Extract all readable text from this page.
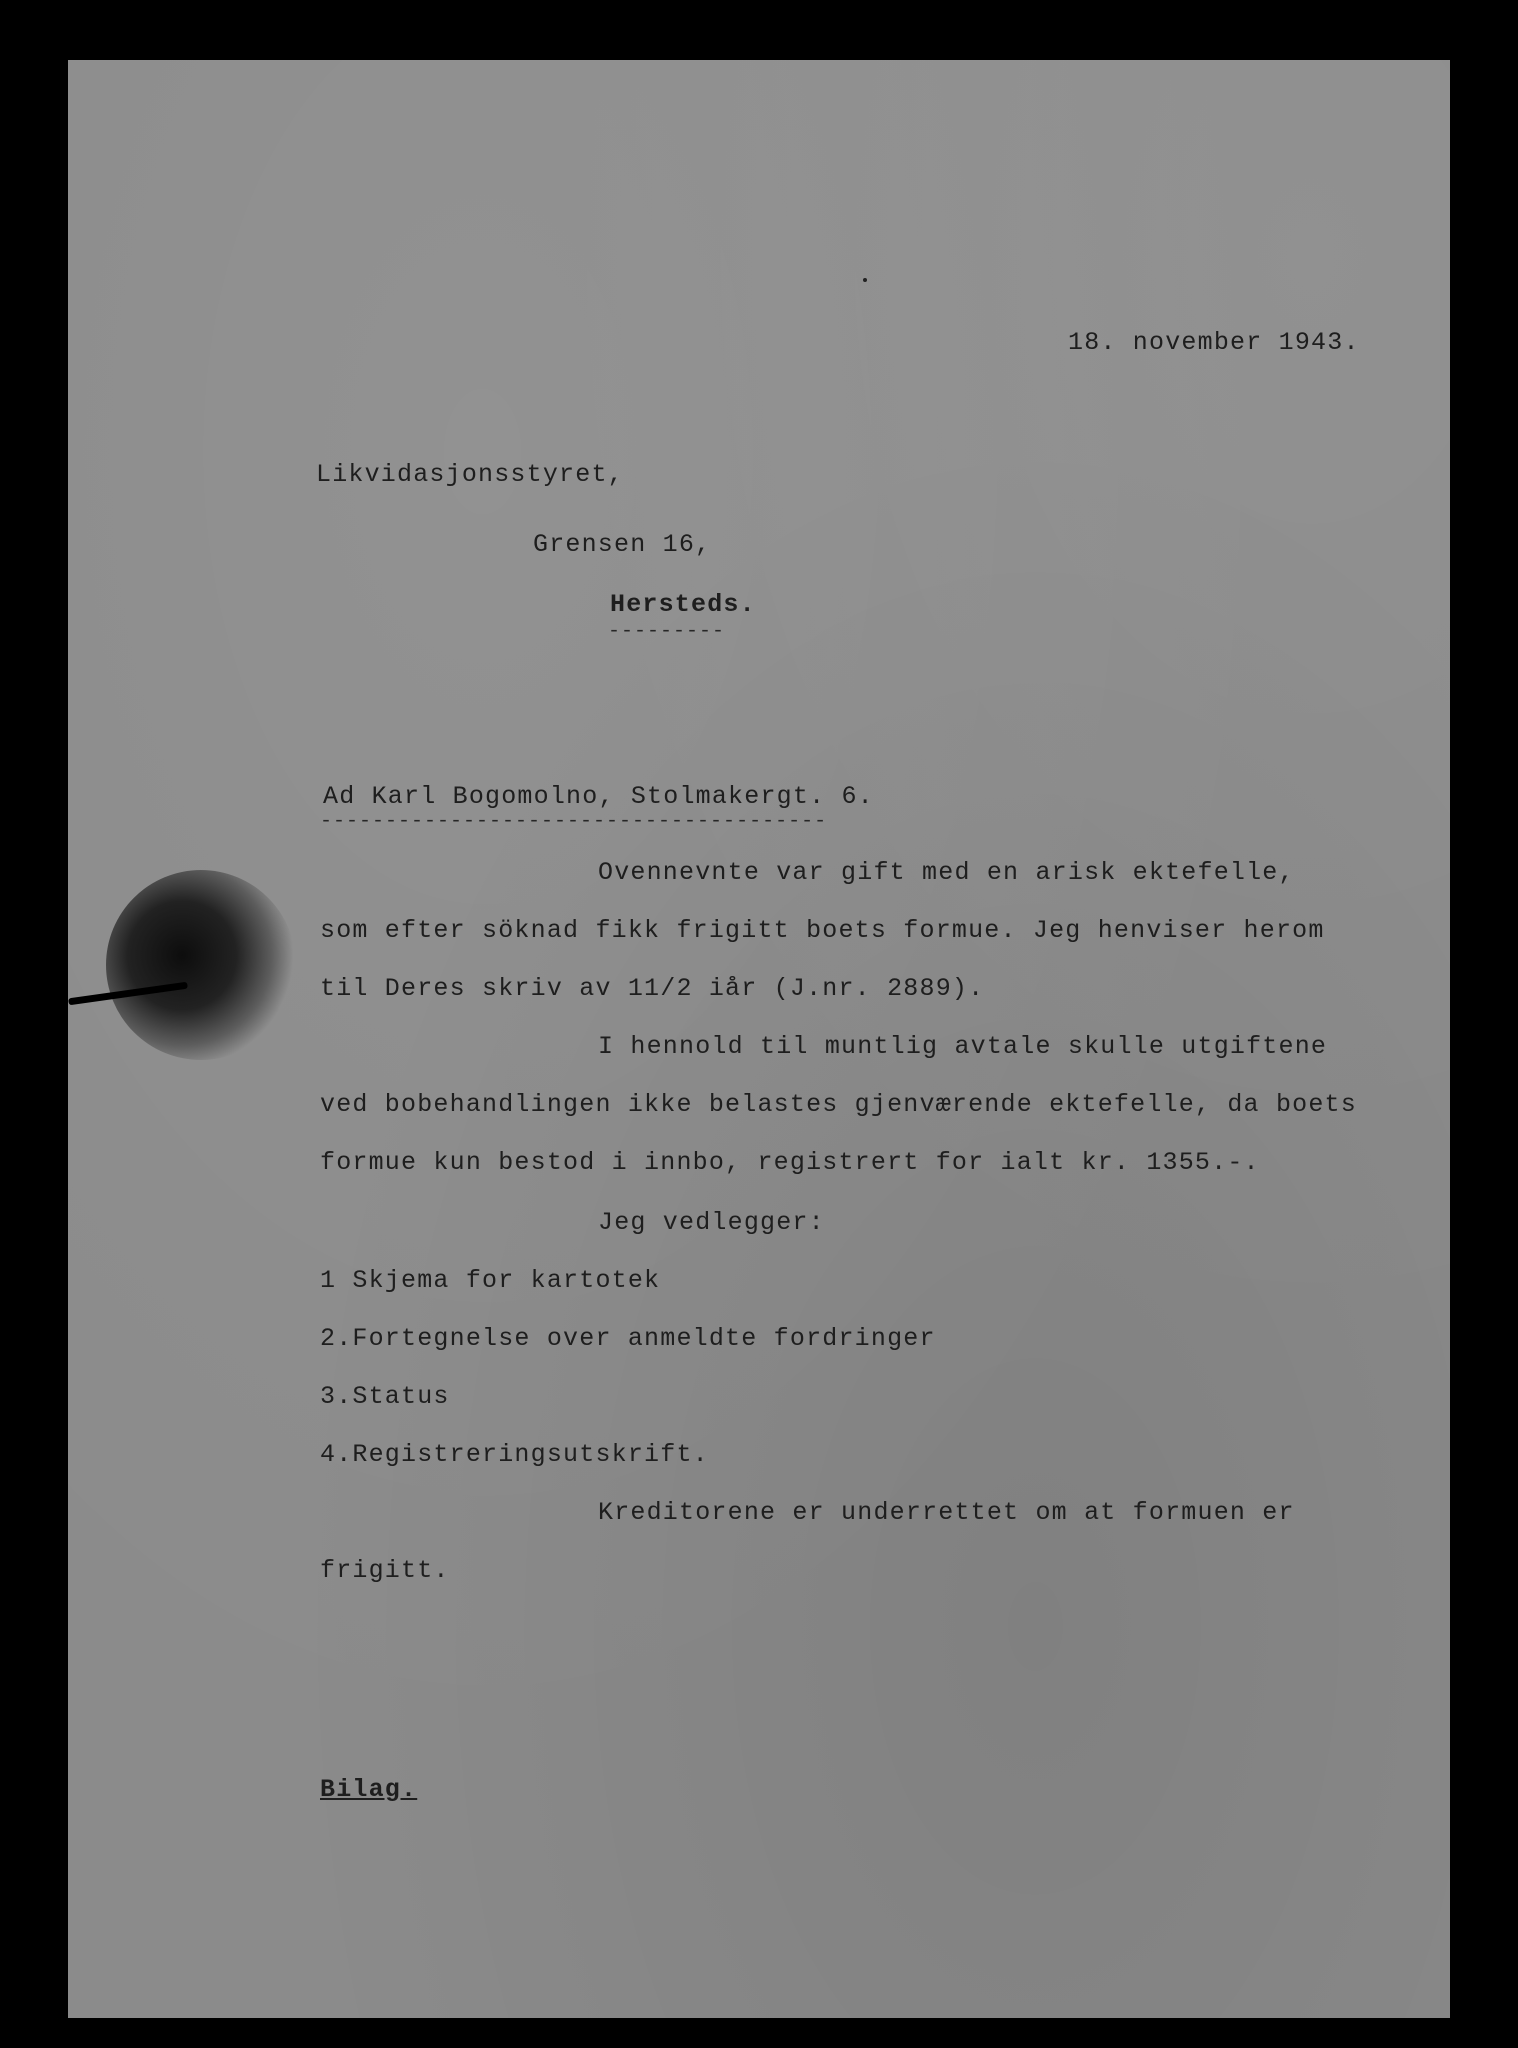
18. november 1943.
Likvidasjonsstyret,
Grensen 16,
Hersteds.
---------
Ad Karl Bogomolno, Stolmakergt. 6.
---------------------------------------
Ovennevnte var gift med en arisk ektefelle,
som efter söknad fikk frigitt boets formue. Jeg henviser herom
til Deres skriv av 11/2 iår (J.nr. 2889).
I hennold til muntlig avtale skulle utgiftene
ved bobehandlingen ikke belastes gjenværende ektefelle, da boets
formue kun bestod i innbo, registrert for ialt kr. 1355.-.
Jeg vedlegger:
1 Skjema for kartotek
2.Fortegnelse over anmeldte fordringer
3.Status
4.Registreringsutskrift.
Kreditorene er underrettet om at formuen er
frigitt.
Bilag.
